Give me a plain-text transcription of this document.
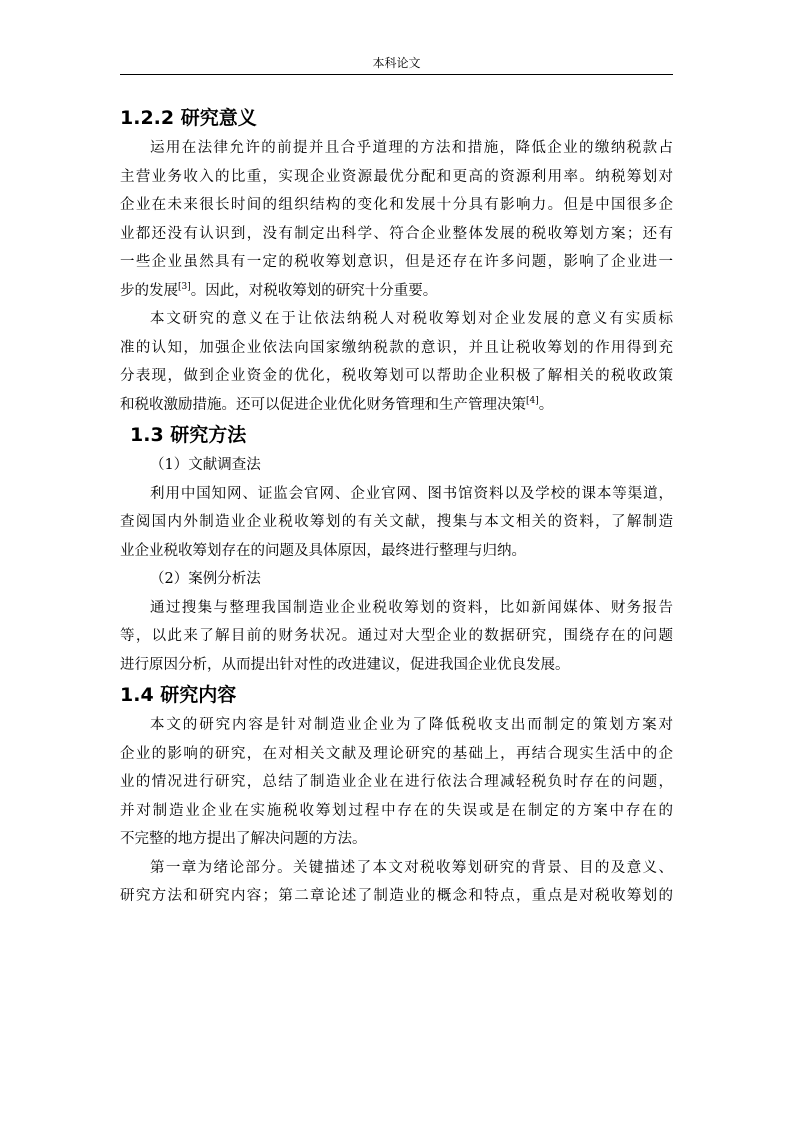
本科论文
1.2.2 研究意义
运用在法律允许的前提并且合乎道理的方法和措施，降低企业的缴纳税款占
主营业务收入的比重，实现企业资源最优分配和更高的资源利用率。纳税筹划对
企业在未来很长时间的组织结构的变化和发展十分具有影响力。但是中国很多企
业都还没有认识到，没有制定出科学、符合企业整体发展的税收筹划方案；还有
一些企业虽然具有一定的税收筹划意识，但是还存在许多问题，影响了企业进一
步的发展[3]。因此，对税收筹划的研究十分重要。
本文研究的意义在于让依法纳税人对税收筹划对企业发展的意义有实质标
准的认知，加强企业依法向国家缴纳税款的意识，并且让税收筹划的作用得到充
分表现，做到企业资金的优化，税收筹划可以帮助企业积极了解相关的税收政策
和税收激励措施。还可以促进企业优化财务管理和生产管理决策[4]。
1.3 研究方法
（1）文献调查法
利用中国知网、证监会官网、企业官网、图书馆资料以及学校的课本等渠道，
查阅国内外制造业企业税收筹划的有关文献，搜集与本文相关的资料，了解制造
业企业税收筹划存在的问题及具体原因，最终进行整理与归纳。
（2）案例分析法
通过搜集与整理我国制造业企业税收筹划的资料，比如新闻媒体、财务报告
等，以此来了解目前的财务状况。通过对大型企业的数据研究，围绕存在的问题
进行原因分析，从而提出针对性的改进建议，促进我国企业优良发展。
1.4 研究内容
本文的研究内容是针对制造业企业为了降低税收支出而制定的策划方案对
企业的影响的研究，在对相关文献及理论研究的基础上，再结合现实生活中的企
业的情况进行研究，总结了制造业企业在进行依法合理减轻税负时存在的问题，
并对制造业企业在实施税收筹划过程中存在的失误或是在制定的方案中存在的
不完整的地方提出了解决问题的方法。
第一章为绪论部分。关键描述了本文对税收筹划研究的背景、目的及意义、
研究方法和研究内容；第二章论述了制造业的概念和特点，重点是对税收筹划的
